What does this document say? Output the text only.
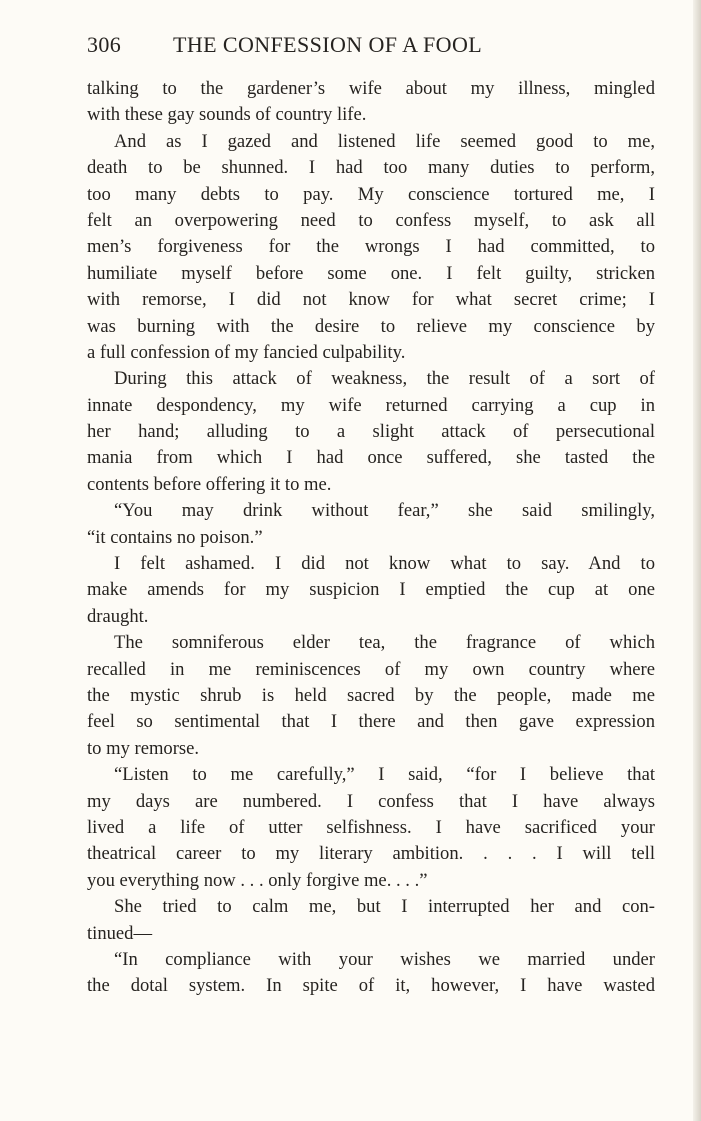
306 THE CONFESSION OF A FOOL
talking to the gardener’s wife about my illness, mingled
with these gay sounds of country life.
And as I gazed and listened life seemed good to me,
death to be shunned. I had too many duties to perform,
too many debts to pay. My conscience tortured me, I
felt an overpowering need to confess myself, to ask all
men’s forgiveness for the wrongs I had committed, to
humiliate myself before some one. I felt guilty, stricken
with remorse, I did not know for what secret crime; I
was burning with the desire to relieve my conscience by
a full confession of my fancied culpability.
During this attack of weakness, the result of a sort of
innate despondency, my wife returned carrying a cup in
her hand; alluding to a slight attack of persecutional
mania from which I had once suffered, she tasted the
contents before offering it to me.
“You may drink without fear,” she said smilingly,
“it contains no poison.”
I felt ashamed. I did not know what to say. And to
make amends for my suspicion I emptied the cup at one
draught.
The somniferous elder tea, the fragrance of which
recalled in me reminiscences of my own country where
the mystic shrub is held sacred by the people, made me
feel so sentimental that I there and then gave expression
to my remorse.
“Listen to me carefully,” I said, “for I believe that
my days are numbered. I confess that I have always
lived a life of utter selfishness. I have sacrificed your
theatrical career to my literary ambition. . . . I will tell
you everything now . . . only forgive me. . . .”
She tried to calm me, but I interrupted her and con-
tinued—
“In compliance with your wishes we married under
the dotal system. In spite of it, however, I have wasted
